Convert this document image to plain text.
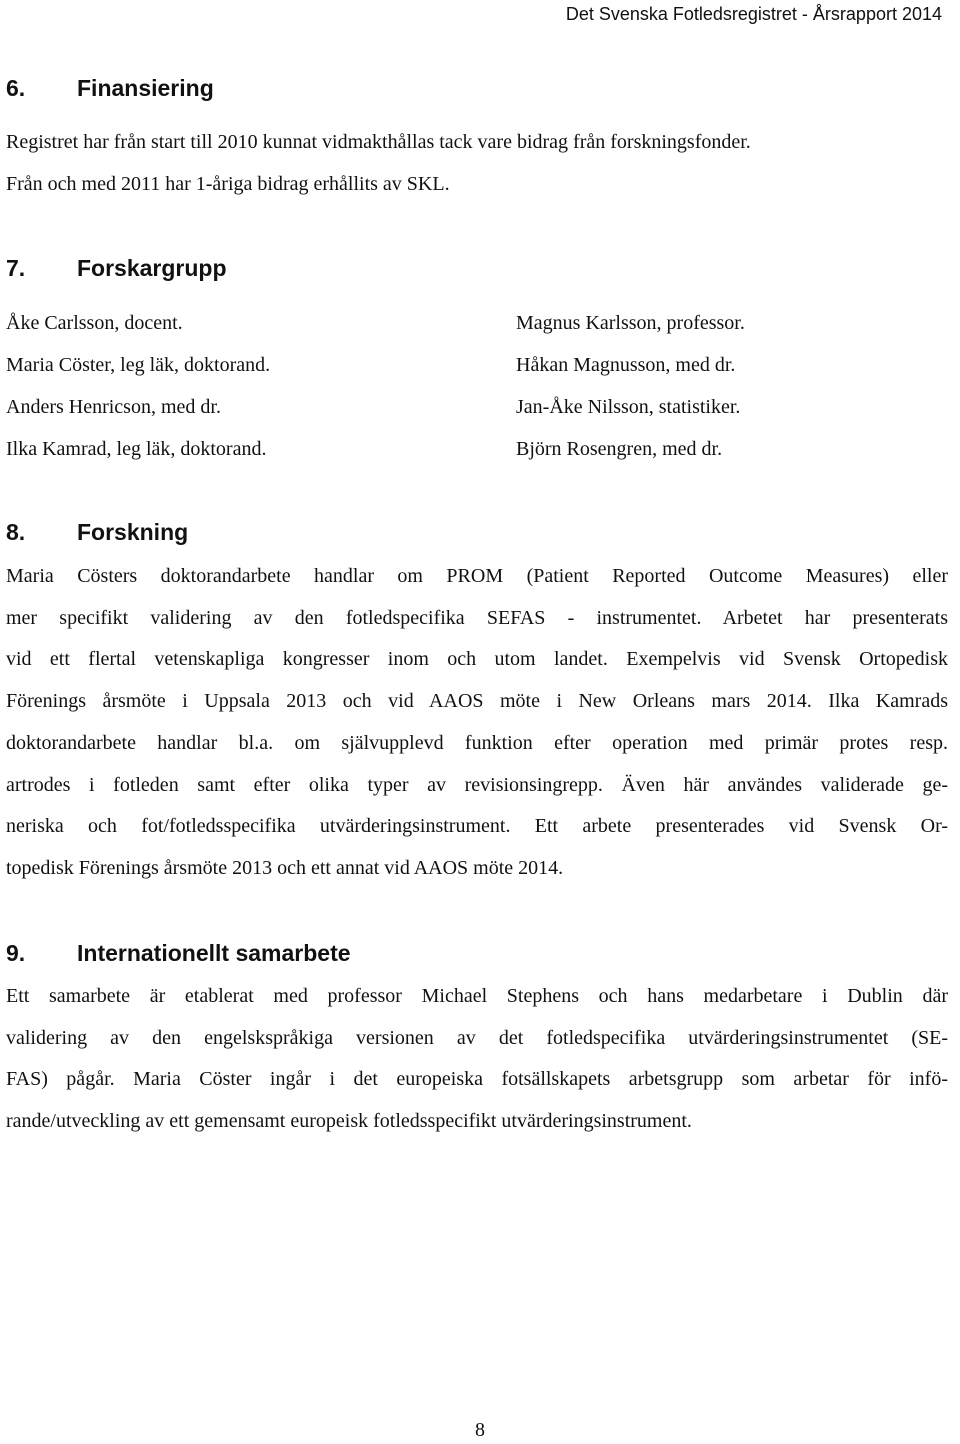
Det Svenska Fotledsregistret - Årsrapport 2014
6. Finansiering
Registret har från start till 2010 kunnat vidmakthållas tack vare bidrag från forskningsfonder.
Från och med 2011 har 1-åriga bidrag erhållits av SKL.
7. Forskargrupp
Åke Carlsson, docent.
Maria Cöster, leg läk, doktorand.
Anders Henricson, med dr.
Ilka Kamrad, leg läk, doktorand.
Magnus Karlsson, professor.
Håkan Magnusson, med dr.
Jan-Åke Nilsson, statistiker.
Björn Rosengren, med dr.
8. Forskning
Maria Cösters doktorandarbete handlar om PROM (Patient Reported Outcome Measures) eller
mer specifikt validering av den fotledspecifika SEFAS - instrumentet. Arbetet har presenterats
vid ett flertal vetenskapliga kongresser inom och utom landet. Exempelvis vid Svensk Ortopedisk
Förenings årsmöte i Uppsala 2013 och vid AAOS möte i New Orleans mars 2014. Ilka Kamrads
doktorandarbete handlar bl.a. om självupplevd funktion efter operation med primär protes resp.
artrodes i fotleden samt efter olika typer av revisionsingrepp. Även här användes validerade ge-
neriska och fot/fotledsspecifika utvärderingsinstrument. Ett arbete presenterades vid Svensk Or-
topedisk Förenings årsmöte 2013 och ett annat vid AAOS möte 2014.
9. Internationellt samarbete
Ett samarbete är etablerat med professor Michael Stephens och hans medarbetare i Dublin där
validering av den engelskspråkiga versionen av det fotledspecifika utvärderingsinstrumentet (SE-
FAS) pågår. Maria Cöster ingår i det europeiska fotsällskapets arbetsgrupp som arbetar för infö-
rande/utveckling av ett gemensamt europeisk fotledsspecifikt utvärderingsinstrument.
8
